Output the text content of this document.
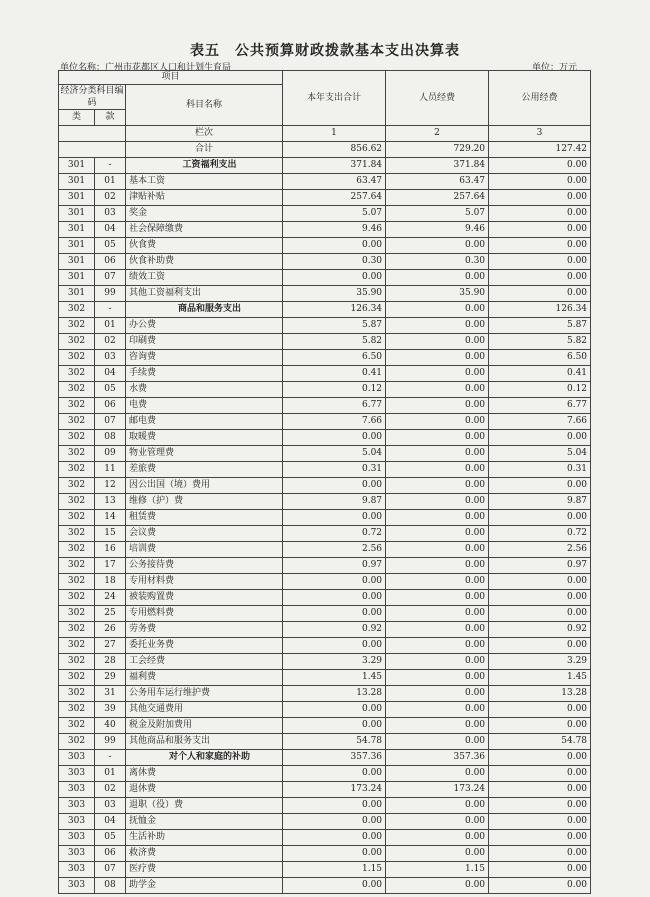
表五　公共预算财政拨款基本支出决算表
单位名称：广州市花都区人口和计划生育局	单位：万元
项目			本年支出合计	人员经费	公用经费
经济分类科目编码		科目名称			
类	款				
		栏次	1	2	3
		合计	856.62	729.20	127.42
301	-	工资福利支出	371.84	371.84	0.00
301	01	基本工资	63.47	63.47	0.00
301	02	津贴补贴	257.64	257.64	0.00
301	03	奖金	5.07	5.07	0.00
301	04	社会保障缴费	9.46	9.46	0.00
301	05	伙食费	0.00	0.00	0.00
301	06	伙食补助费	0.30	0.30	0.00
301	07	绩效工资	0.00	0.00	0.00
301	99	其他工资福利支出	35.90	35.90	0.00
302	-	商品和服务支出	126.34	0.00	126.34
302	01	办公费	5.87	0.00	5.87
302	02	印刷费	5.82	0.00	5.82
302	03	咨询费	6.50	0.00	6.50
302	04	手续费	0.41	0.00	0.41
302	05	水费	0.12	0.00	0.12
302	06	电费	6.77	0.00	6.77
302	07	邮电费	7.66	0.00	7.66
302	08	取暖费	0.00	0.00	0.00
302	09	物业管理费	5.04	0.00	5.04
302	11	差旅费	0.31	0.00	0.31
302	12	因公出国（境）费用	0.00	0.00	0.00
302	13	维修（护）费	9.87	0.00	9.87
302	14	租赁费	0.00	0.00	0.00
302	15	会议费	0.72	0.00	0.72
302	16	培训费	2.56	0.00	2.56
302	17	公务接待费	0.97	0.00	0.97
302	18	专用材料费	0.00	0.00	0.00
302	24	被装购置费	0.00	0.00	0.00
302	25	专用燃料费	0.00	0.00	0.00
302	26	劳务费	0.92	0.00	0.92
302	27	委托业务费	0.00	0.00	0.00
302	28	工会经费	3.29	0.00	3.29
302	29	福利费	1.45	0.00	1.45
302	31	公务用车运行维护费	13.28	0.00	13.28
302	39	其他交通费用	0.00	0.00	0.00
302	40	税金及附加费用	0.00	0.00	0.00
302	99	其他商品和服务支出	54.78	0.00	54.78
303	-	对个人和家庭的补助	357.36	357.36	0.00
303	01	离休费	0.00	0.00	0.00
303	02	退休费	173.24	173.24	0.00
303	03	退职（役）费	0.00	0.00	0.00
303	04	抚恤金	0.00	0.00	0.00
303	05	生活补助	0.00	0.00	0.00
303	06	救济费	0.00	0.00	0.00
303	07	医疗费	1.15	1.15	0.00
303	08	助学金	0.00	0.00	0.00
